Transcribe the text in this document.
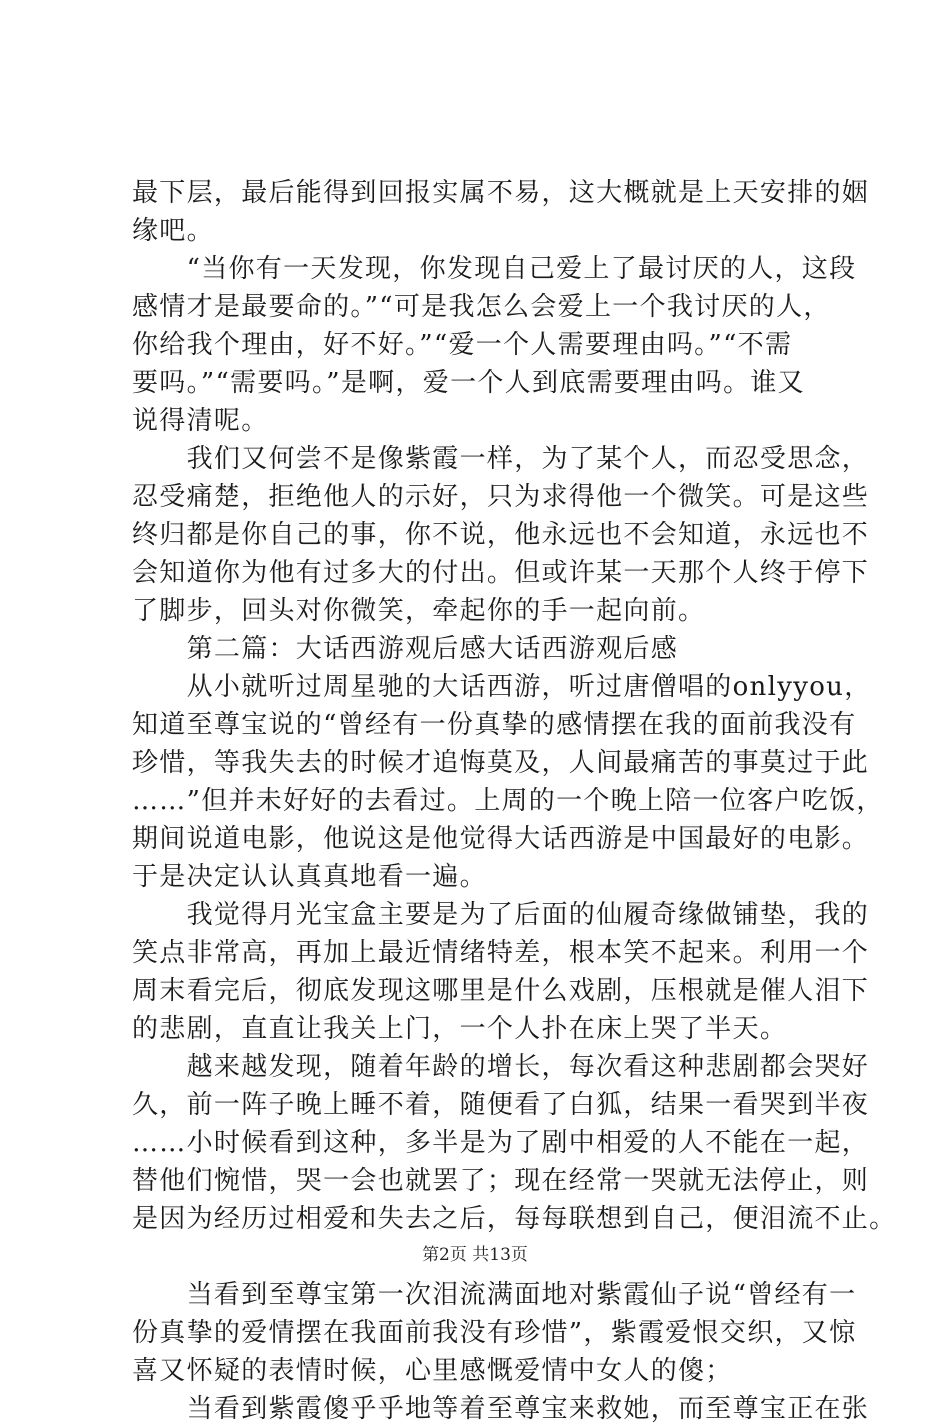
最下层，最后能得到回报实属不易，这大概就是上天安排的姻
缘吧。
　　“当你有一天发现，你发现自己爱上了最讨厌的人，这段
感情才是最要命的。”“可是我怎么会爱上一个我讨厌的人，
你给我个理由，好不好。”“爱一个人需要理由吗。”“不需
要吗。”“需要吗。”是啊，爱一个人到底需要理由吗。谁又
说得清呢。
　　我们又何尝不是像紫霞一样，为了某个人，而忍受思念，
忍受痛楚，拒绝他人的示好，只为求得他一个微笑。可是这些
终归都是你自己的事，你不说，他永远也不会知道，永远也不
会知道你为他有过多大的付出。但或许某一天那个人终于停下
了脚步，回头对你微笑，牵起你的手一起向前。
　　第二篇：大话西游观后感大话西游观后感
　　从小就听过周星驰的大话西游，听过唐僧唱的onlyyou，
知道至尊宝说的“曾经有一份真挚的感情摆在我的面前我没有
珍惜，等我失去的时候才追悔莫及，人间最痛苦的事莫过于此
……”但并未好好的去看过。上周的一个晚上陪一位客户吃饭，
期间说道电影，他说这是他觉得大话西游是中国最好的电影。
于是决定认认真真地看一遍。
　　我觉得月光宝盒主要是为了后面的仙履奇缘做铺垫，我的
笑点非常高，再加上最近情绪特差，根本笑不起来。利用一个
周末看完后，彻底发现这哪里是什么戏剧，压根就是催人泪下
的悲剧，直直让我关上门，一个人扑在床上哭了半天。
　　越来越发现，随着年龄的增长，每次看这种悲剧都会哭好
久，前一阵子晚上睡不着，随便看了白狐，结果一看哭到半夜
……小时候看到这种，多半是为了剧中相爱的人不能在一起，
替他们惋惜，哭一会也就罢了；现在经常一哭就无法停止，则
是因为经历过相爱和失去之后，每每联想到自己，便泪流不止。
　　当看到至尊宝第一次泪流满面地对紫霞仙子说“曾经有一
份真挚的爱情摆在我面前我没有珍惜”，紫霞爱恨交织，又惊
喜又怀疑的表情时候，心里感慨爱情中女人的傻；
　　当看到紫霞傻乎乎地等着至尊宝来救她，而至尊宝正在张
第2页 共13页
